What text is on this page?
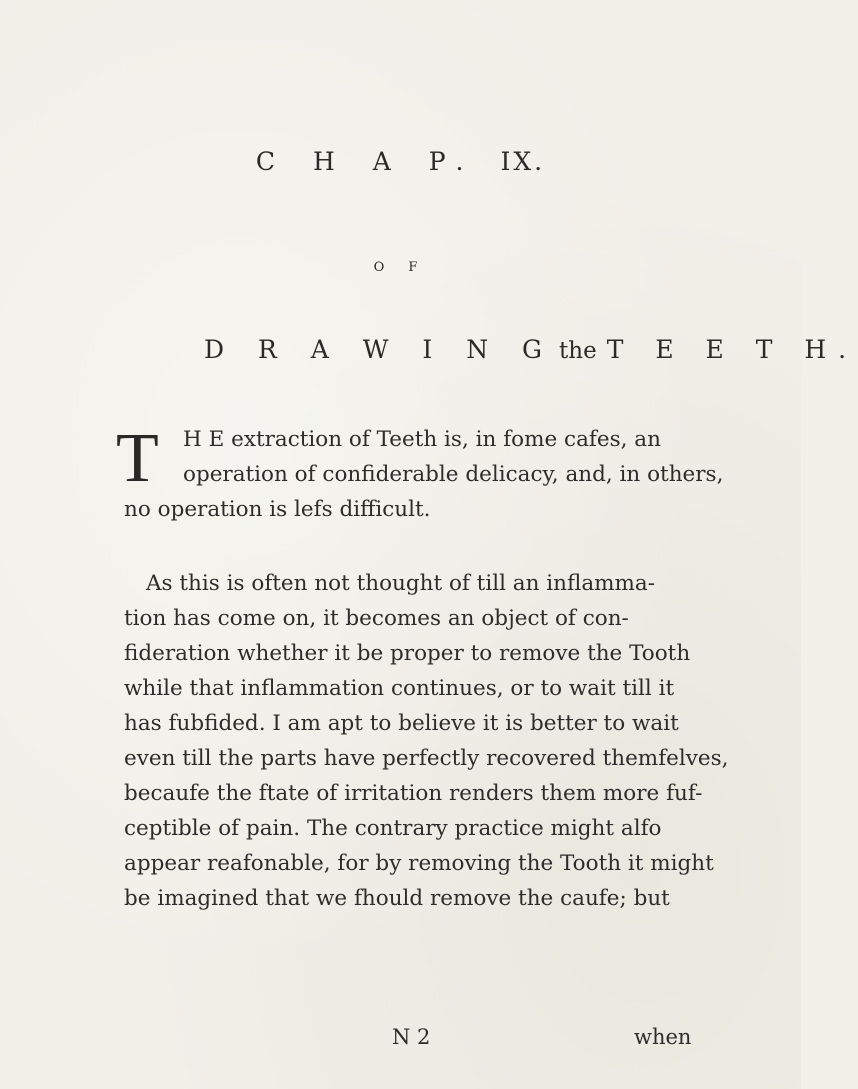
C H A P. IX.
O F
D R A W I N G the T E E T H.
T H E extraction of Teeth is, in fome cafes, an
operation of confiderable delicacy, and, in others,
no operation is lefs difficult.
As this is often not thought of till an inflamma-
tion has come on, it becomes an object of con-
fideration whether it be proper to remove the Tooth
while that inflammation continues, or to wait till it
has fubfided. I am apt to believe it is better to wait
even till the parts have perfectly recovered themfelves,
becaufe the ftate of irritation renders them more fuf-
ceptible of pain. The contrary practice might alfo
appear reafonable, for by removing the Tooth it might
be imagined that we fhould remove the caufe; but
N 2	when
